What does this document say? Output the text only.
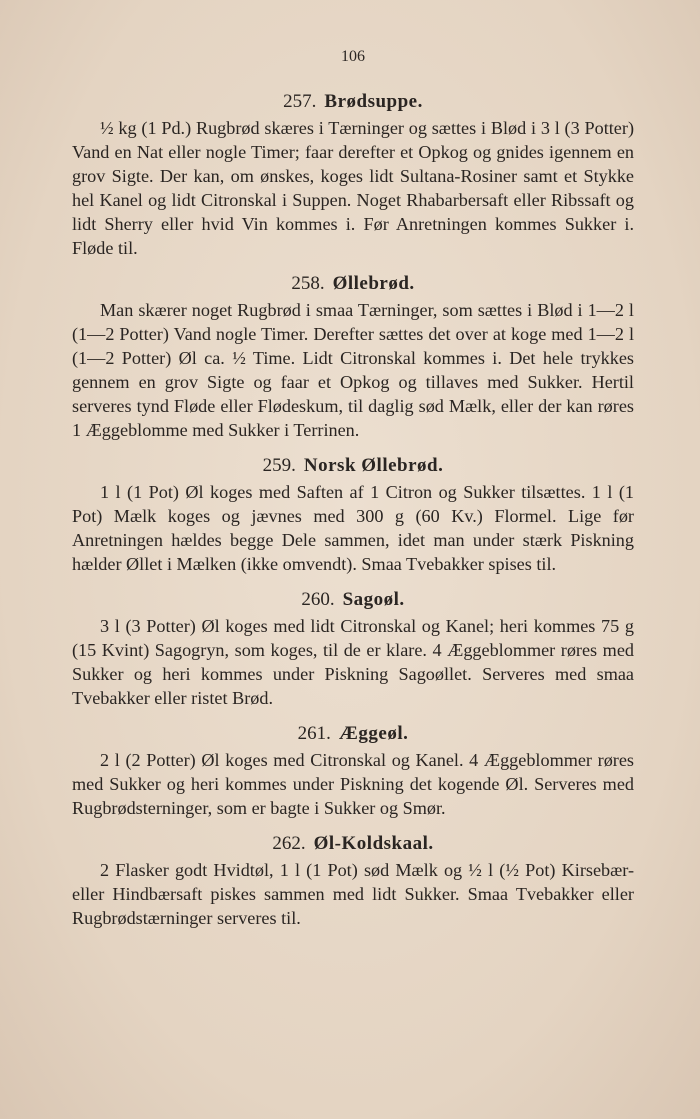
106
257. Brødsuppe.

½ kg (1 Pd.) Rugbrød skæres i Tærninger og sættes i Blød i 3 l (3 Potter) Vand en Nat eller nogle Timer; faar derefter et Opkog og gnides igennem en grov Sigte. Der kan, om ønskes, koges lidt Sultana-Rosiner samt et Stykke hel Kanel og lidt Citronskal i Suppen. Noget Rhabarbersaft eller Ribssaft og lidt Sherry eller hvid Vin kommes i. Før Anretningen kommes Sukker i. Fløde til.

258. Øllebrød.

Man skærer noget Rugbrød i smaa Tærninger, som sættes i Blød i 1—2 l (1—2 Potter) Vand nogle Timer. Derefter sættes det over at koge med 1—2 l (1—2 Potter) Øl ca. ½ Time. Lidt Citronskal kommes i. Det hele trykkes gennem en grov Sigte og faar et Opkog og tillaves med Sukker. Hertil serveres tynd Fløde eller Flødeskum, til daglig sød Mælk, eller der kan røres 1 Æggeblomme med Sukker i Terrinen.

259. Norsk Øllebrød.

1 l (1 Pot) Øl koges med Saften af 1 Citron og Sukker tilsættes. 1 l (1 Pot) Mælk koges og jævnes med 300 g (60 Kv.) Flormel. Lige før Anretningen hældes begge Dele sammen, idet man under stærk Piskning hælder Øllet i Mælken (ikke omvendt). Smaa Tvebakker spises til.

260. Sagoøl.

3 l (3 Potter) Øl koges med lidt Citronskal og Kanel; heri kommes 75 g (15 Kvint) Sagogryn, som koges, til de er klare. 4 Æggeblommer røres med Sukker og heri kommes under Piskning Sagoøllet. Serveres med smaa Tvebakker eller ristet Brød.

261. Æggeøl.

2 l (2 Potter) Øl koges med Citronskal og Kanel. 4 Æggeblommer røres med Sukker og heri kommes under Piskning det kogende Øl. Serveres med Rugbrødsterninger, som er bagte i Sukker og Smør.

262. Øl-Koldskaal.

2 Flasker godt Hvidtøl, 1 l (1 Pot) sød Mælk og ½ l (½ Pot) Kirsebær- eller Hindbærsaft piskes sammen med lidt Sukker. Smaa Tvebakker eller Rugbrødstærninger serveres til.
